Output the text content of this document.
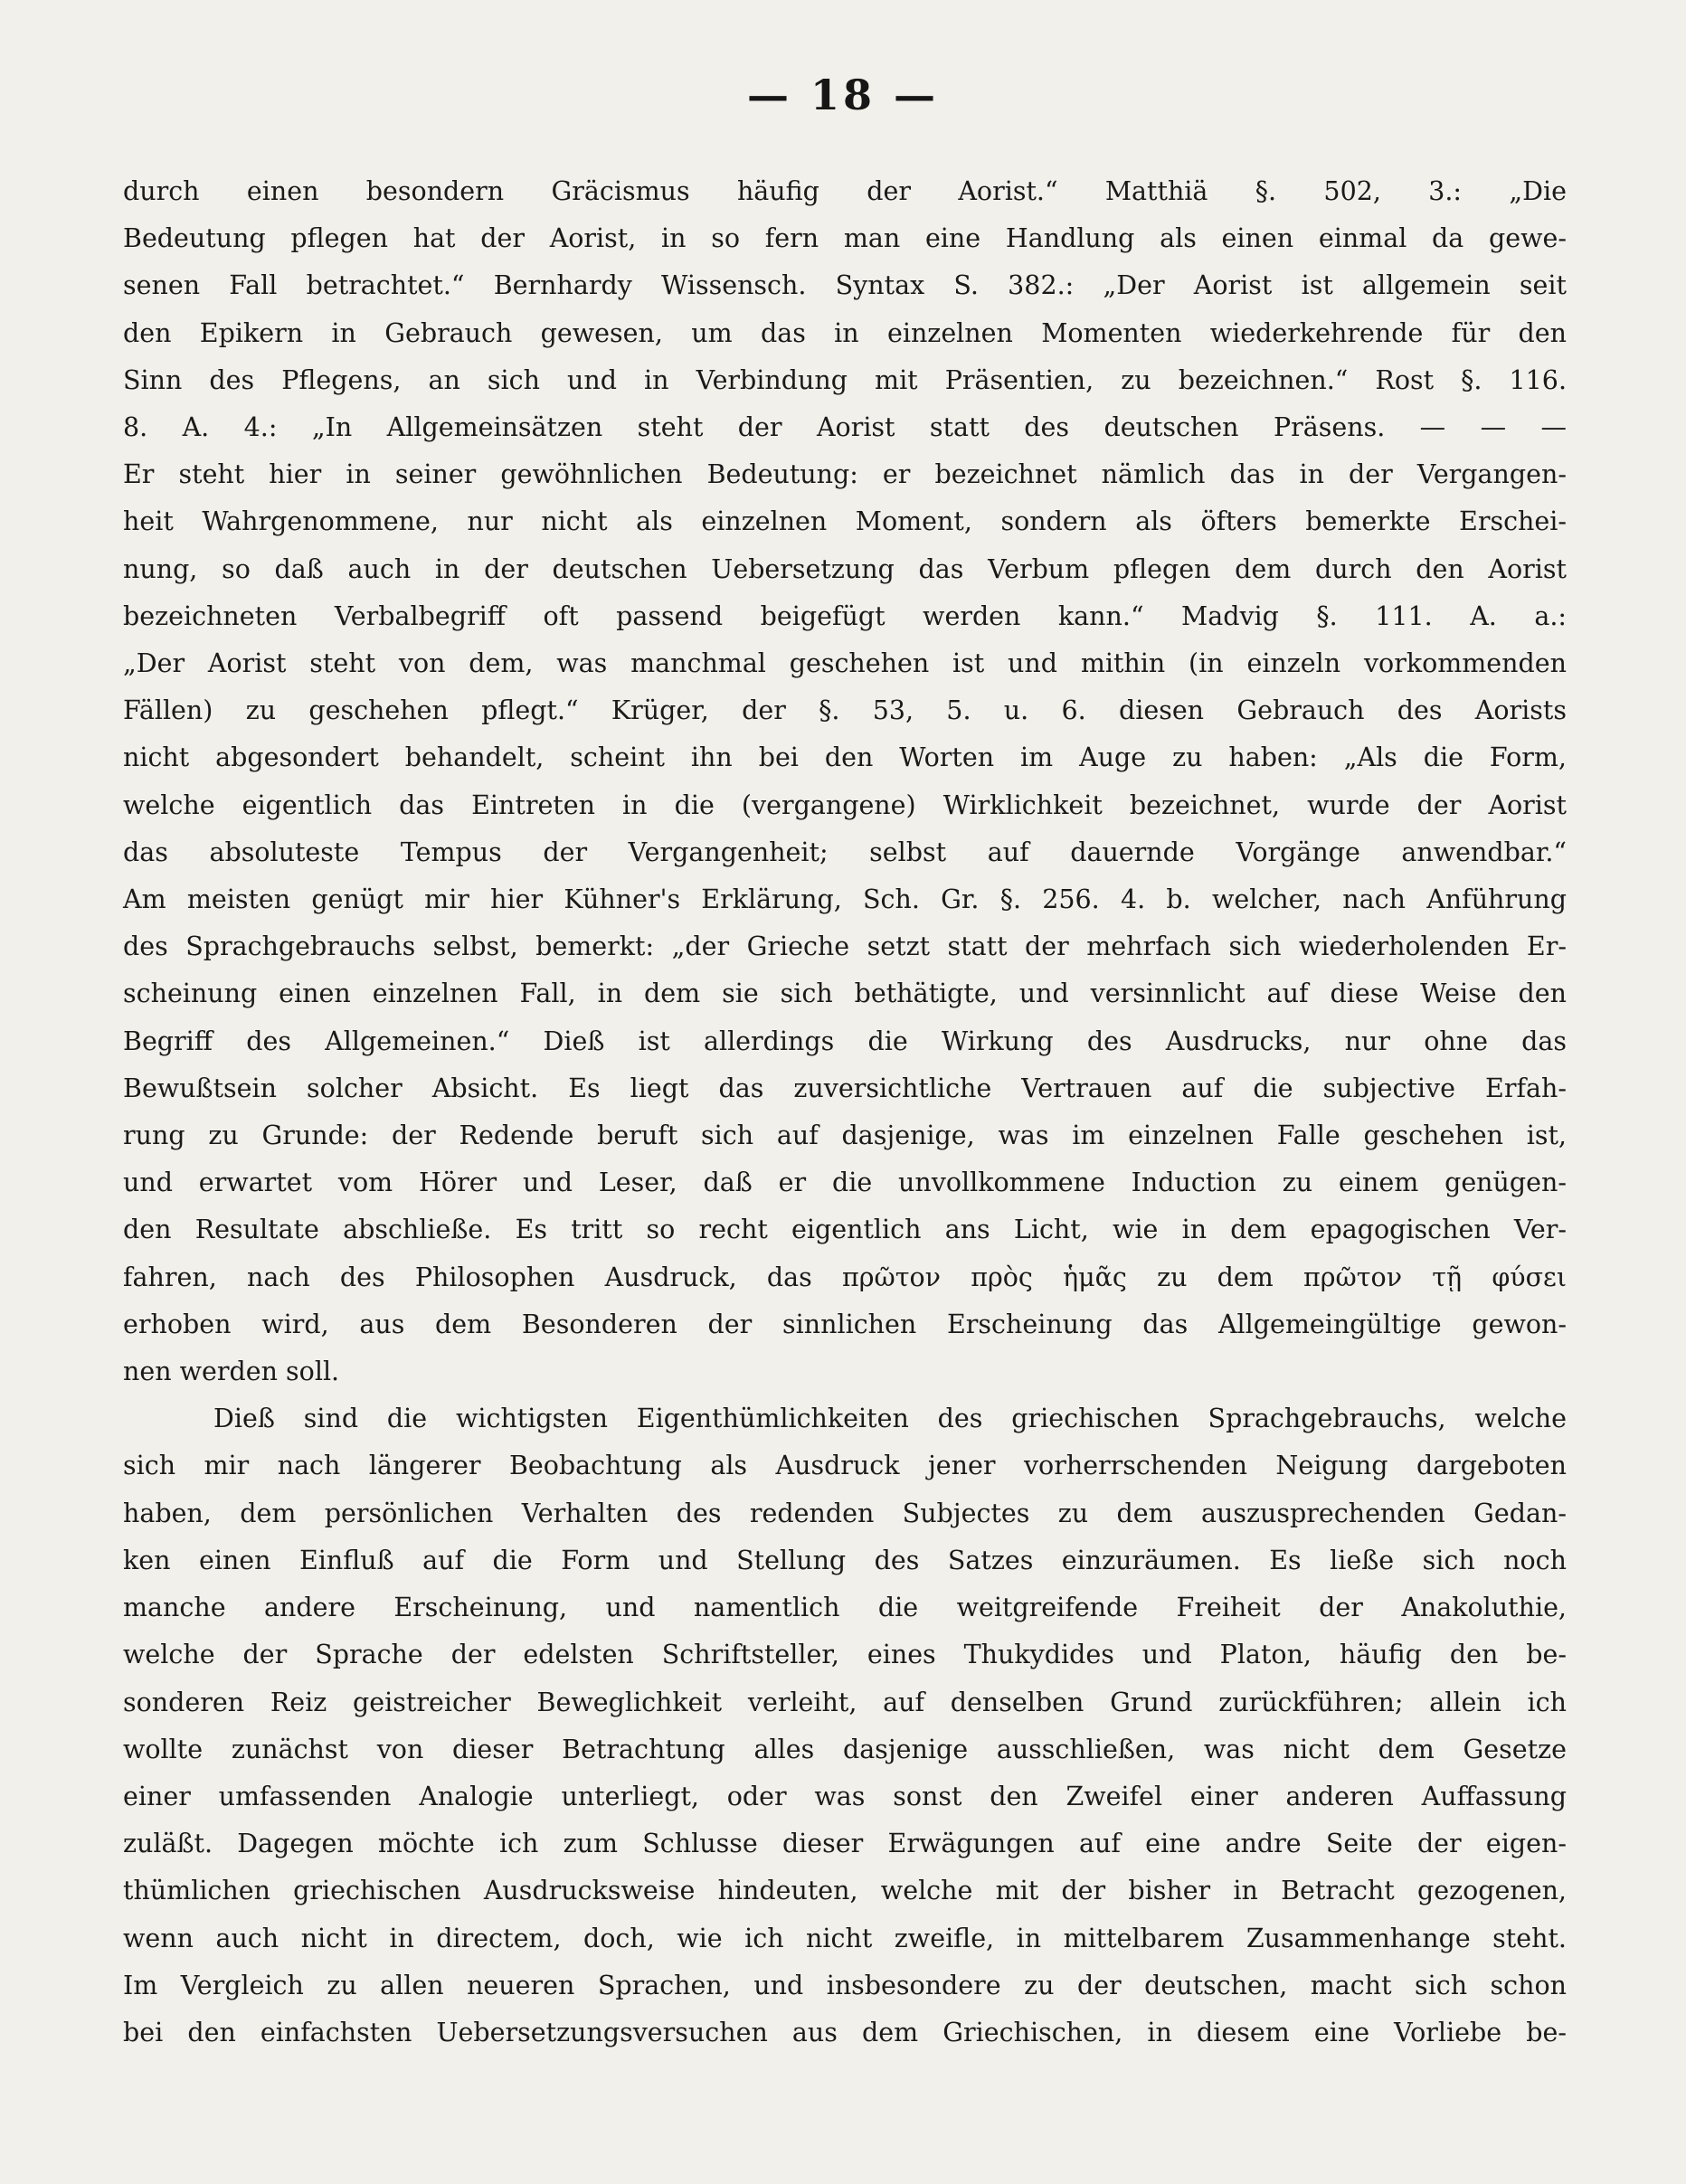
— 18 —

durch einen besondern Gräcismus häufig der Aorist.“ Matthiä §. 502, 3.: „Die

Bedeutung pflegen hat der Aorist, in so fern man eine Handlung als einen einmal da gewe-

senen Fall betrachtet.“ Bernhardy Wissensch. Syntax S. 382.: „Der Aorist ist allgemein seit

den Epikern in Gebrauch gewesen, um das in einzelnen Momenten wiederkehrende für den

Sinn des Pflegens, an sich und in Verbindung mit Präsentien, zu bezeichnen.“ Rost §. 116.

8. A. 4.: „In Allgemeinsätzen steht der Aorist statt des deutschen Präsens. — — —

Er steht hier in seiner gewöhnlichen Bedeutung: er bezeichnet nämlich das in der Vergangen-

heit Wahrgenommene, nur nicht als einzelnen Moment, sondern als öfters bemerkte Erschei-

nung, so daß auch in der deutschen Uebersetzung das Verbum pflegen dem durch den Aorist

bezeichneten Verbalbegriff oft passend beigefügt werden kann.“ Madvig §. 111. A. a.:

„Der Aorist steht von dem, was manchmal geschehen ist und mithin (in einzeln vorkommenden

Fällen) zu geschehen pflegt.“ Krüger, der §. 53, 5. u. 6. diesen Gebrauch des Aorists

nicht abgesondert behandelt, scheint ihn bei den Worten im Auge zu haben: „Als die Form,

welche eigentlich das Eintreten in die (vergangene) Wirklichkeit bezeichnet, wurde der Aorist

das absoluteste Tempus der Vergangenheit; selbst auf dauernde Vorgänge anwendbar.“

Am meisten genügt mir hier Kühner's Erklärung, Sch. Gr. §. 256. 4. b. welcher, nach Anführung

des Sprachgebrauchs selbst, bemerkt: „der Grieche setzt statt der mehrfach sich wiederholenden Er-

scheinung einen einzelnen Fall, in dem sie sich bethätigte, und versinnlicht auf diese Weise den

Begriff des Allgemeinen.“ Dieß ist allerdings die Wirkung des Ausdrucks, nur ohne das

Bewußtsein solcher Absicht. Es liegt das zuversichtliche Vertrauen auf die subjective Erfah-

rung zu Grunde: der Redende beruft sich auf dasjenige, was im einzelnen Falle geschehen ist,

und erwartet vom Hörer und Leser, daß er die unvollkommene Induction zu einem genügen-

den Resultate abschließe. Es tritt so recht eigentlich ans Licht, wie in dem epagogischen Ver-

fahren, nach des Philosophen Ausdruck, das πρῶτον πρὸς ἡμᾶς zu dem πρῶτον τῇ φύσει

erhoben wird, aus dem Besonderen der sinnlichen Erscheinung das Allgemeingültige gewon-

nen werden soll.

Dieß sind die wichtigsten Eigenthümlichkeiten des griechischen Sprachgebrauchs, welche

sich mir nach längerer Beobachtung als Ausdruck jener vorherrschenden Neigung dargeboten

haben, dem persönlichen Verhalten des redenden Subjectes zu dem auszusprechenden Gedan-

ken einen Einfluß auf die Form und Stellung des Satzes einzuräumen. Es ließe sich noch

manche andere Erscheinung, und namentlich die weitgreifende Freiheit der Anakoluthie,

welche der Sprache der edelsten Schriftsteller, eines Thukydides und Platon, häufig den be-

sonderen Reiz geistreicher Beweglichkeit verleiht, auf denselben Grund zurückführen; allein ich

wollte zunächst von dieser Betrachtung alles dasjenige ausschließen, was nicht dem Gesetze

einer umfassenden Analogie unterliegt, oder was sonst den Zweifel einer anderen Auffassung

zuläßt. Dagegen möchte ich zum Schlusse dieser Erwägungen auf eine andre Seite der eigen-

thümlichen griechischen Ausdrucksweise hindeuten, welche mit der bisher in Betracht gezogenen,

wenn auch nicht in directem, doch, wie ich nicht zweifle, in mittelbarem Zusammenhange steht.

Im Vergleich zu allen neueren Sprachen, und insbesondere zu der deutschen, macht sich schon

bei den einfachsten Uebersetzungsversuchen aus dem Griechischen, in diesem eine Vorliebe be-
